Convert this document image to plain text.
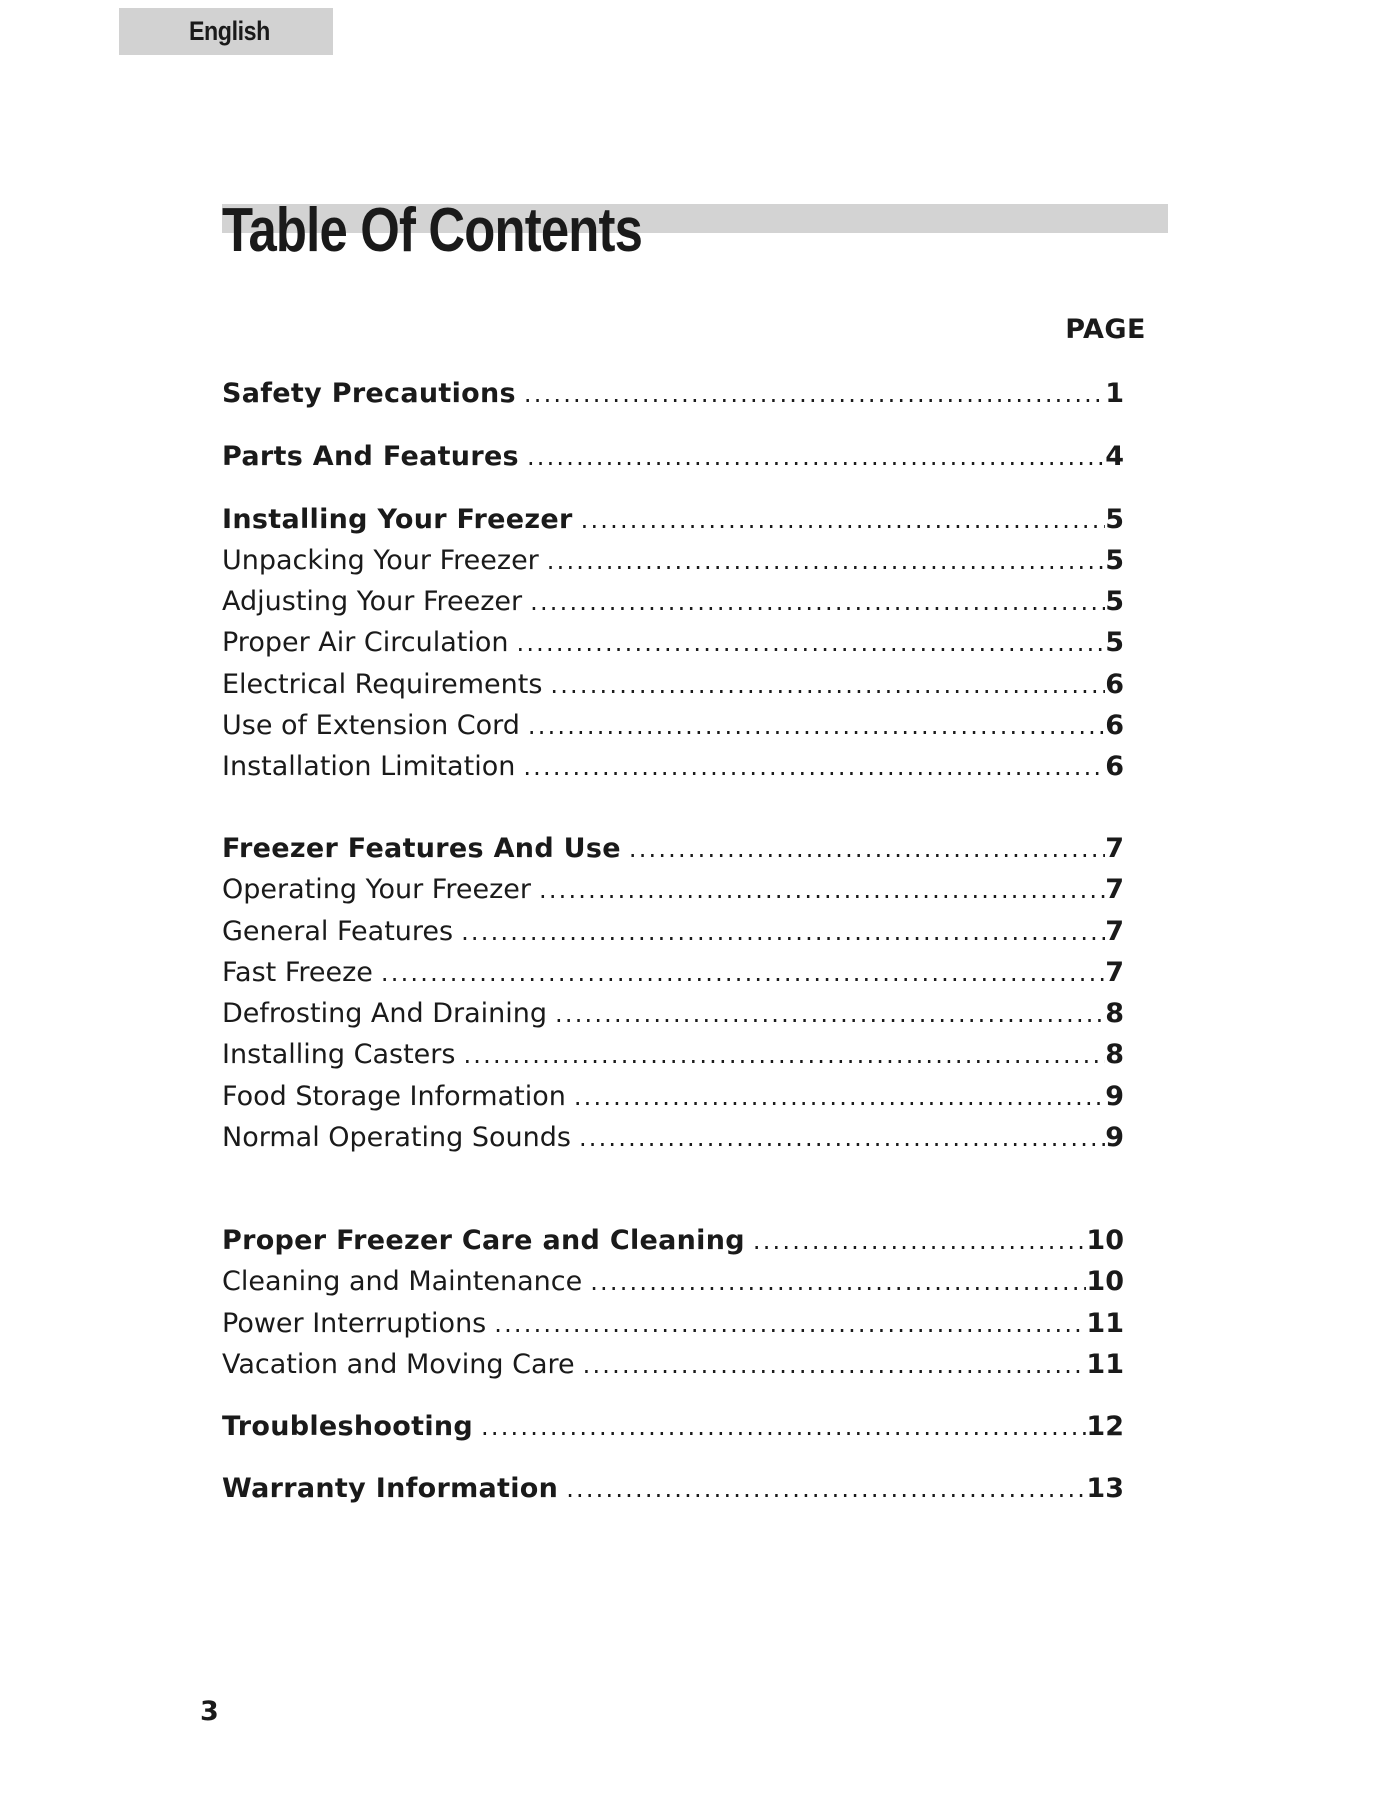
English
Table Of Contents
PAGE
Safety Precautions .....	1
Parts And Features .....	4
Installing Your Freezer .....	5
Unpacking Your Freezer .....	5
Adjusting Your Freezer .....	5
Proper Air Circulation .....	5
Electrical Requirements .....	6
Use of Extension Cord .....	6
Installation Limitation .....	6
Freezer Features And Use .....	7
Operating Your Freezer .....	7
General Features .....	7
Fast Freeze .....	7
Defrosting And Draining .....	8
Installing Casters .....	8
Food Storage Information .....	9
Normal Operating Sounds .....	9
Proper Freezer Care and Cleaning .....	10
Cleaning and Maintenance .....	10
Power Interruptions .....	11
Vacation and Moving Care .....	11
Troubleshooting .....	12
Warranty Information .....	13
3
